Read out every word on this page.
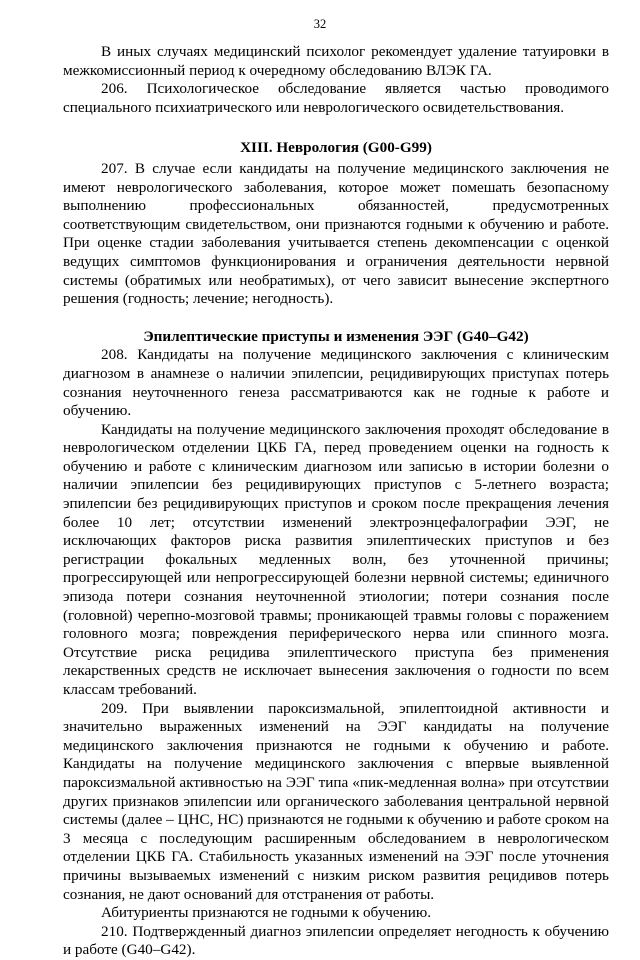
32

В иных случаях медицинский психолог рекомендует удаление татуировки в межкомиссионный период к очередному обследованию ВЛЭК ГА.

206. Психологическое обследование является частью проводимого специального психиатрического или неврологического освидетельствования.

XIII. Неврология (G00-G99)

207. В случае если кандидаты на получение медицинского заключения не имеют неврологического заболевания, которое может помешать безопасному выполнению профессиональных обязанностей, предусмотренных соответствующим свидетельством, они признаются годными к обучению и работе. При оценке стадии заболевания учитывается степень декомпенсации с оценкой ведущих симптомов функционирования и ограничения деятельности нервной системы (обратимых или необратимых), от чего зависит вынесение экспертного решения (годность; лечение; негодность).

Эпилептические приступы и изменения ЭЭГ (G40–G42)

208. Кандидаты на получение медицинского заключения с клиническим диагнозом в анамнезе о наличии эпилепсии, рецидивирующих приступах потерь сознания неуточненного генеза рассматриваются как не годные к работе и обучению.

Кандидаты на получение медицинского заключения проходят обследование в неврологическом отделении ЦКБ ГА, перед проведением оценки на годность к обучению и работе с клиническим диагнозом или записью в истории болезни о наличии эпилепсии без рецидивирующих приступов с 5-летнего возраста; эпилепсии без рецидивирующих приступов и сроком после прекращения лечения более 10 лет; отсутствии изменений электроэнцефалографии ЭЭГ, не исключающих факторов риска развития эпилептических приступов и без регистрации фокальных медленных волн, без уточненной причины; прогрессирующей или непрогрессирующей болезни нервной системы; единичного эпизода потери сознания неуточненной этиологии; потери сознания после (головной) черепно-мозговой травмы; проникающей травмы головы с поражением головного мозга; повреждения периферического нерва или спинного мозга. Отсутствие риска рецидива эпилептического приступа без применения лекарственных средств не исключает вынесения заключения о годности по всем классам требований.

209. При выявлении пароксизмальной, эпилептоидной активности и значительно выраженных изменений на ЭЭГ кандидаты на получение медицинского заключения признаются не годными к обучению и работе. Кандидаты на получение медицинского заключения с впервые выявленной пароксизмальной активностью на ЭЭГ типа «пик-медленная волна» при отсутствии других признаков эпилепсии или органического заболевания центральной нервной системы (далее – ЦНС, НС) признаются не годными к обучению и работе сроком на 3 месяца с последующим расширенным обследованием в неврологическом отделении ЦКБ ГА. Стабильность указанных изменений на ЭЭГ после уточнения причины вызываемых изменений с низким риском развития рецидивов потерь сознания, не дают оснований для отстранения от работы.

Абитуриенты признаются не годными к обучению.

210. Подтвержденный диагноз эпилепсии определяет негодность к обучению и работе (G40–G42).
